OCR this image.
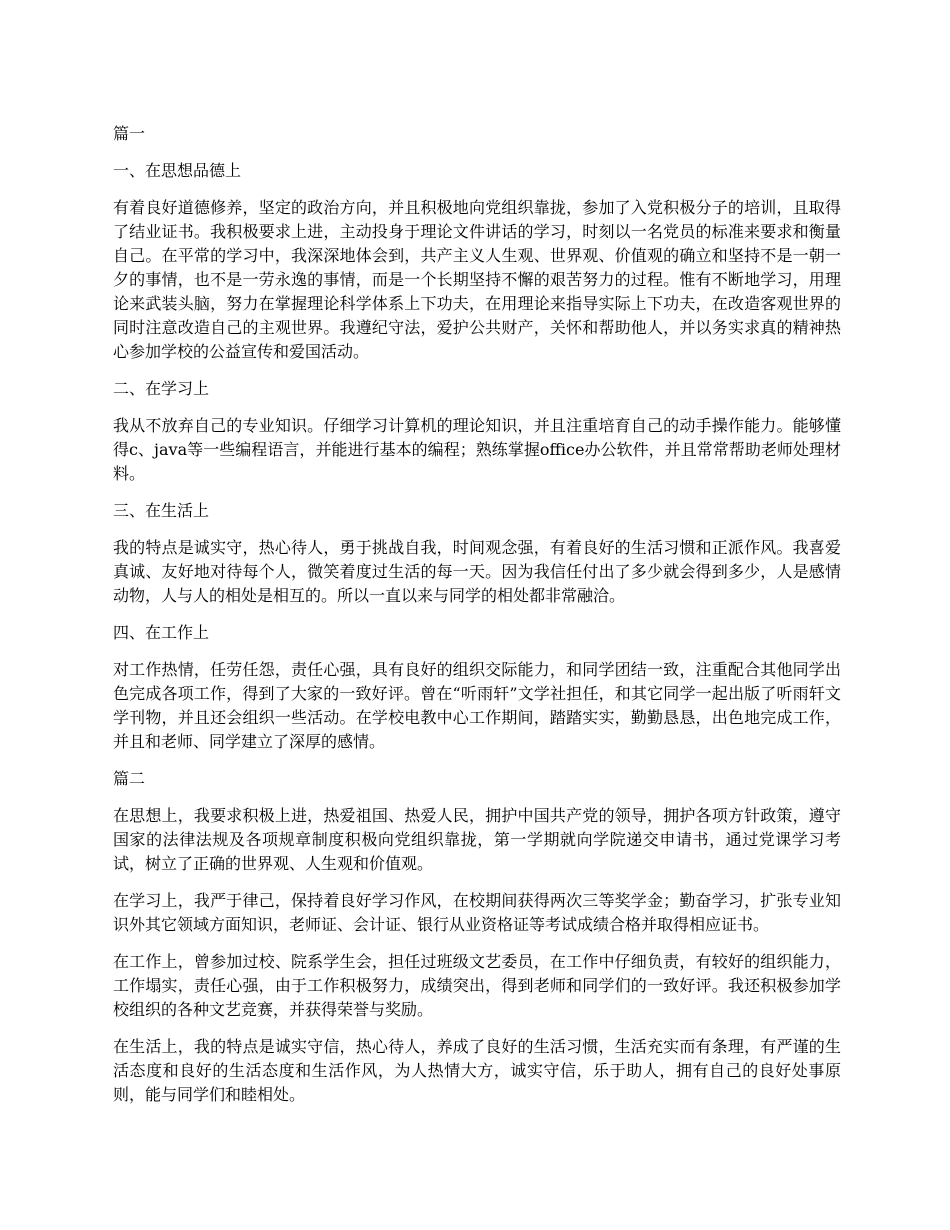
篇一
一、在思想品德上

有着良好道德修养，坚定的政治方向，并且积极地向党组织靠拢，参加了入党积极分子的培训，且取得了结业证书。我积极要求上进，主动投身于理论文件讲话的学习，时刻以一名党员的标准来要求和衡量自己。在平常的学习中，我深深地体会到，共产主义人生观、世界观、价值观的确立和坚持不是一朝一夕的事情，也不是一劳永逸的事情，而是一个长期坚持不懈的艰苦努力的过程。惟有不断地学习，用理论来武装头脑，努力在掌握理论科学体系上下功夫，在用理论来指导实际上下功夫，在改造客观世界的同时注意改造自己的主观世界。我遵纪守法，爱护公共财产，关怀和帮助他人，并以务实求真的精神热心参加学校的公益宣传和爱国活动。

二、在学习上

我从不放弃自己的专业知识。仔细学习计算机的理论知识，并且注重培育自己的动手操作能力。能够懂得c、java等一些编程语言，并能进行基本的编程；熟练掌握office办公软件，并且常常帮助老师处理材料。

三、在生活上

我的特点是诚实守，热心待人，勇于挑战自我，时间观念强，有着良好的生活习惯和正派作风。我喜爱真诚、友好地对待每个人，微笑着度过生活的每一天。因为我信任付出了多少就会得到多少，人是感情动物，人与人的相处是相互的。所以一直以来与同学的相处都非常融洽。

四、在工作上

对工作热情，任劳任怨，责任心强，具有良好的组织交际能力，和同学团结一致，注重配合其他同学出色完成各项工作，得到了大家的一致好评。曾在“听雨轩”文学社担任，和其它同学一起出版了听雨轩文学刊物，并且还会组织一些活动。在学校电教中心工作期间，踏踏实实，勤勤恳恳，出色地完成工作，并且和老师、同学建立了深厚的感情。

篇二

在思想上，我要求积极上进，热爱祖国、热爱人民，拥护中国共产党的领导，拥护各项方针政策，遵守国家的法律法规及各项规章制度积极向党组织靠拢，第一学期就向学院递交申请书，通过党课学习考试，树立了正确的世界观、人生观和价值观。

在学习上，我严于律己，保持着良好学习作风，在校期间获得两次三等奖学金；勤奋学习，扩张专业知识外其它领域方面知识，老师证、会计证、银行从业资格证等考试成绩合格并取得相应证书。

在工作上，曾参加过校、院系学生会，担任过班级文艺委员，在工作中仔细负责，有较好的组织能力，工作塌实，责任心强，由于工作积极努力，成绩突出，得到老师和同学们的一致好评。我还积极参加学校组织的各种文艺竞赛，并获得荣誉与奖励。

在生活上，我的特点是诚实守信，热心待人，养成了良好的生活习惯，生活充实而有条理，有严谨的生活态度和良好的生活态度和生活作风，为人热情大方，诚实守信，乐于助人，拥有自己的良好处事原则，能与同学们和睦相处。
